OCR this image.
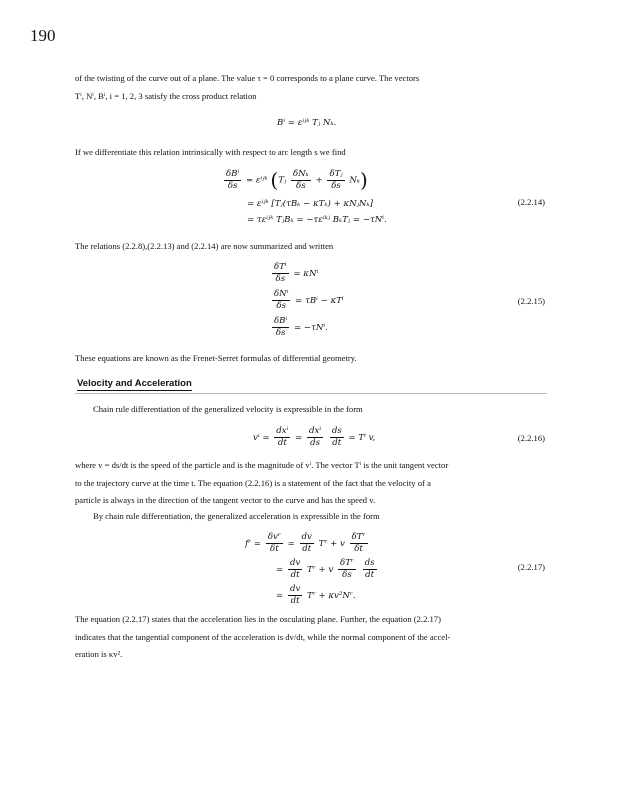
190
of the twisting of the curve out of a plane. The value τ = 0 corresponds to a plane curve. The vectors
Tⁱ, Nⁱ, Bⁱ, i = 1, 2, 3 satisfy the cross product relation
Bⁱ = εⁱʲᵏ Tⱼ Nₖ.
If we differentiate this relation intrinsically with respect to arc length s we find
$\frac{\text{δBⁱ}}{\delta s}$ = εⁱʲᵏ (Tⱼ $\frac{\text{δNₖ}}{\delta s} + \frac{\text{δTⱼ}}{\delta s} N_k$)
= εⁱʲᵏ [Tⱼ(τBₖ − κTₖ) + κNⱼNₖ]
= τεⁱʲᵏ TⱼBₖ = −τεⁱᵏʲ BₖTⱼ = −τNⁱ.
(2.2.14)
The relations (2.2.8),(2.2.13) and (2.2.14) are now summarized and written
$\frac{\text{δTⁱ}}{\delta s} = \kappa N^i$
$\frac{\text{δNⁱ}}{\delta s} = \tau B^i - \kappa T^i$
$\frac{\text{δBⁱ}}{\delta s} = -\tau N^i$.
(2.2.15)
These equations are known as the Frenet-Serret formulas of differential geometry.
Velocity and Acceleration
Chain rule differentiation of the generalized velocity is expressible in the form
$v^i = \frac{\text{dxⁱ}}{dt} = \frac{\text{dxⁱ}}{ds}$
$\frac{ds}{dt} = T^i$ v,	(2.2.16)
where v = ds/dt is the speed of the particle and is the magnitude of vⁱ. The vector Tⁱ is the unit tangent vector
to the trajectory curve at the time t. The equation (2.2.16) is a statement of the fact that the velocity of a
particle is always in the direction of the tangent vector to the curve and has the speed v.
By chain rule differentiation, the generalized acceleration is expressible in the form
fʳ = $\frac{\text{δvʳ}}{\delta t} = \frac{dv}{dt}$ Tʳ + v $\frac{\text{δTʳ}}{\delta t}$
= $\frac{dv}{dt}$ Tʳ + v $\frac{\text{δTʳ}}{\delta s}$
$\frac{ds}{dt}$
= $\frac{dv}{dt}$ Tʳ + κv²Nʳ.
(2.2.17)
The equation (2.2.17) states that the acceleration lies in the osculating plane. Further, the equation (2.2.17)
indicates that the tangential component of the acceleration is dv/dt, while the normal component of the accel-
eration is κv².
